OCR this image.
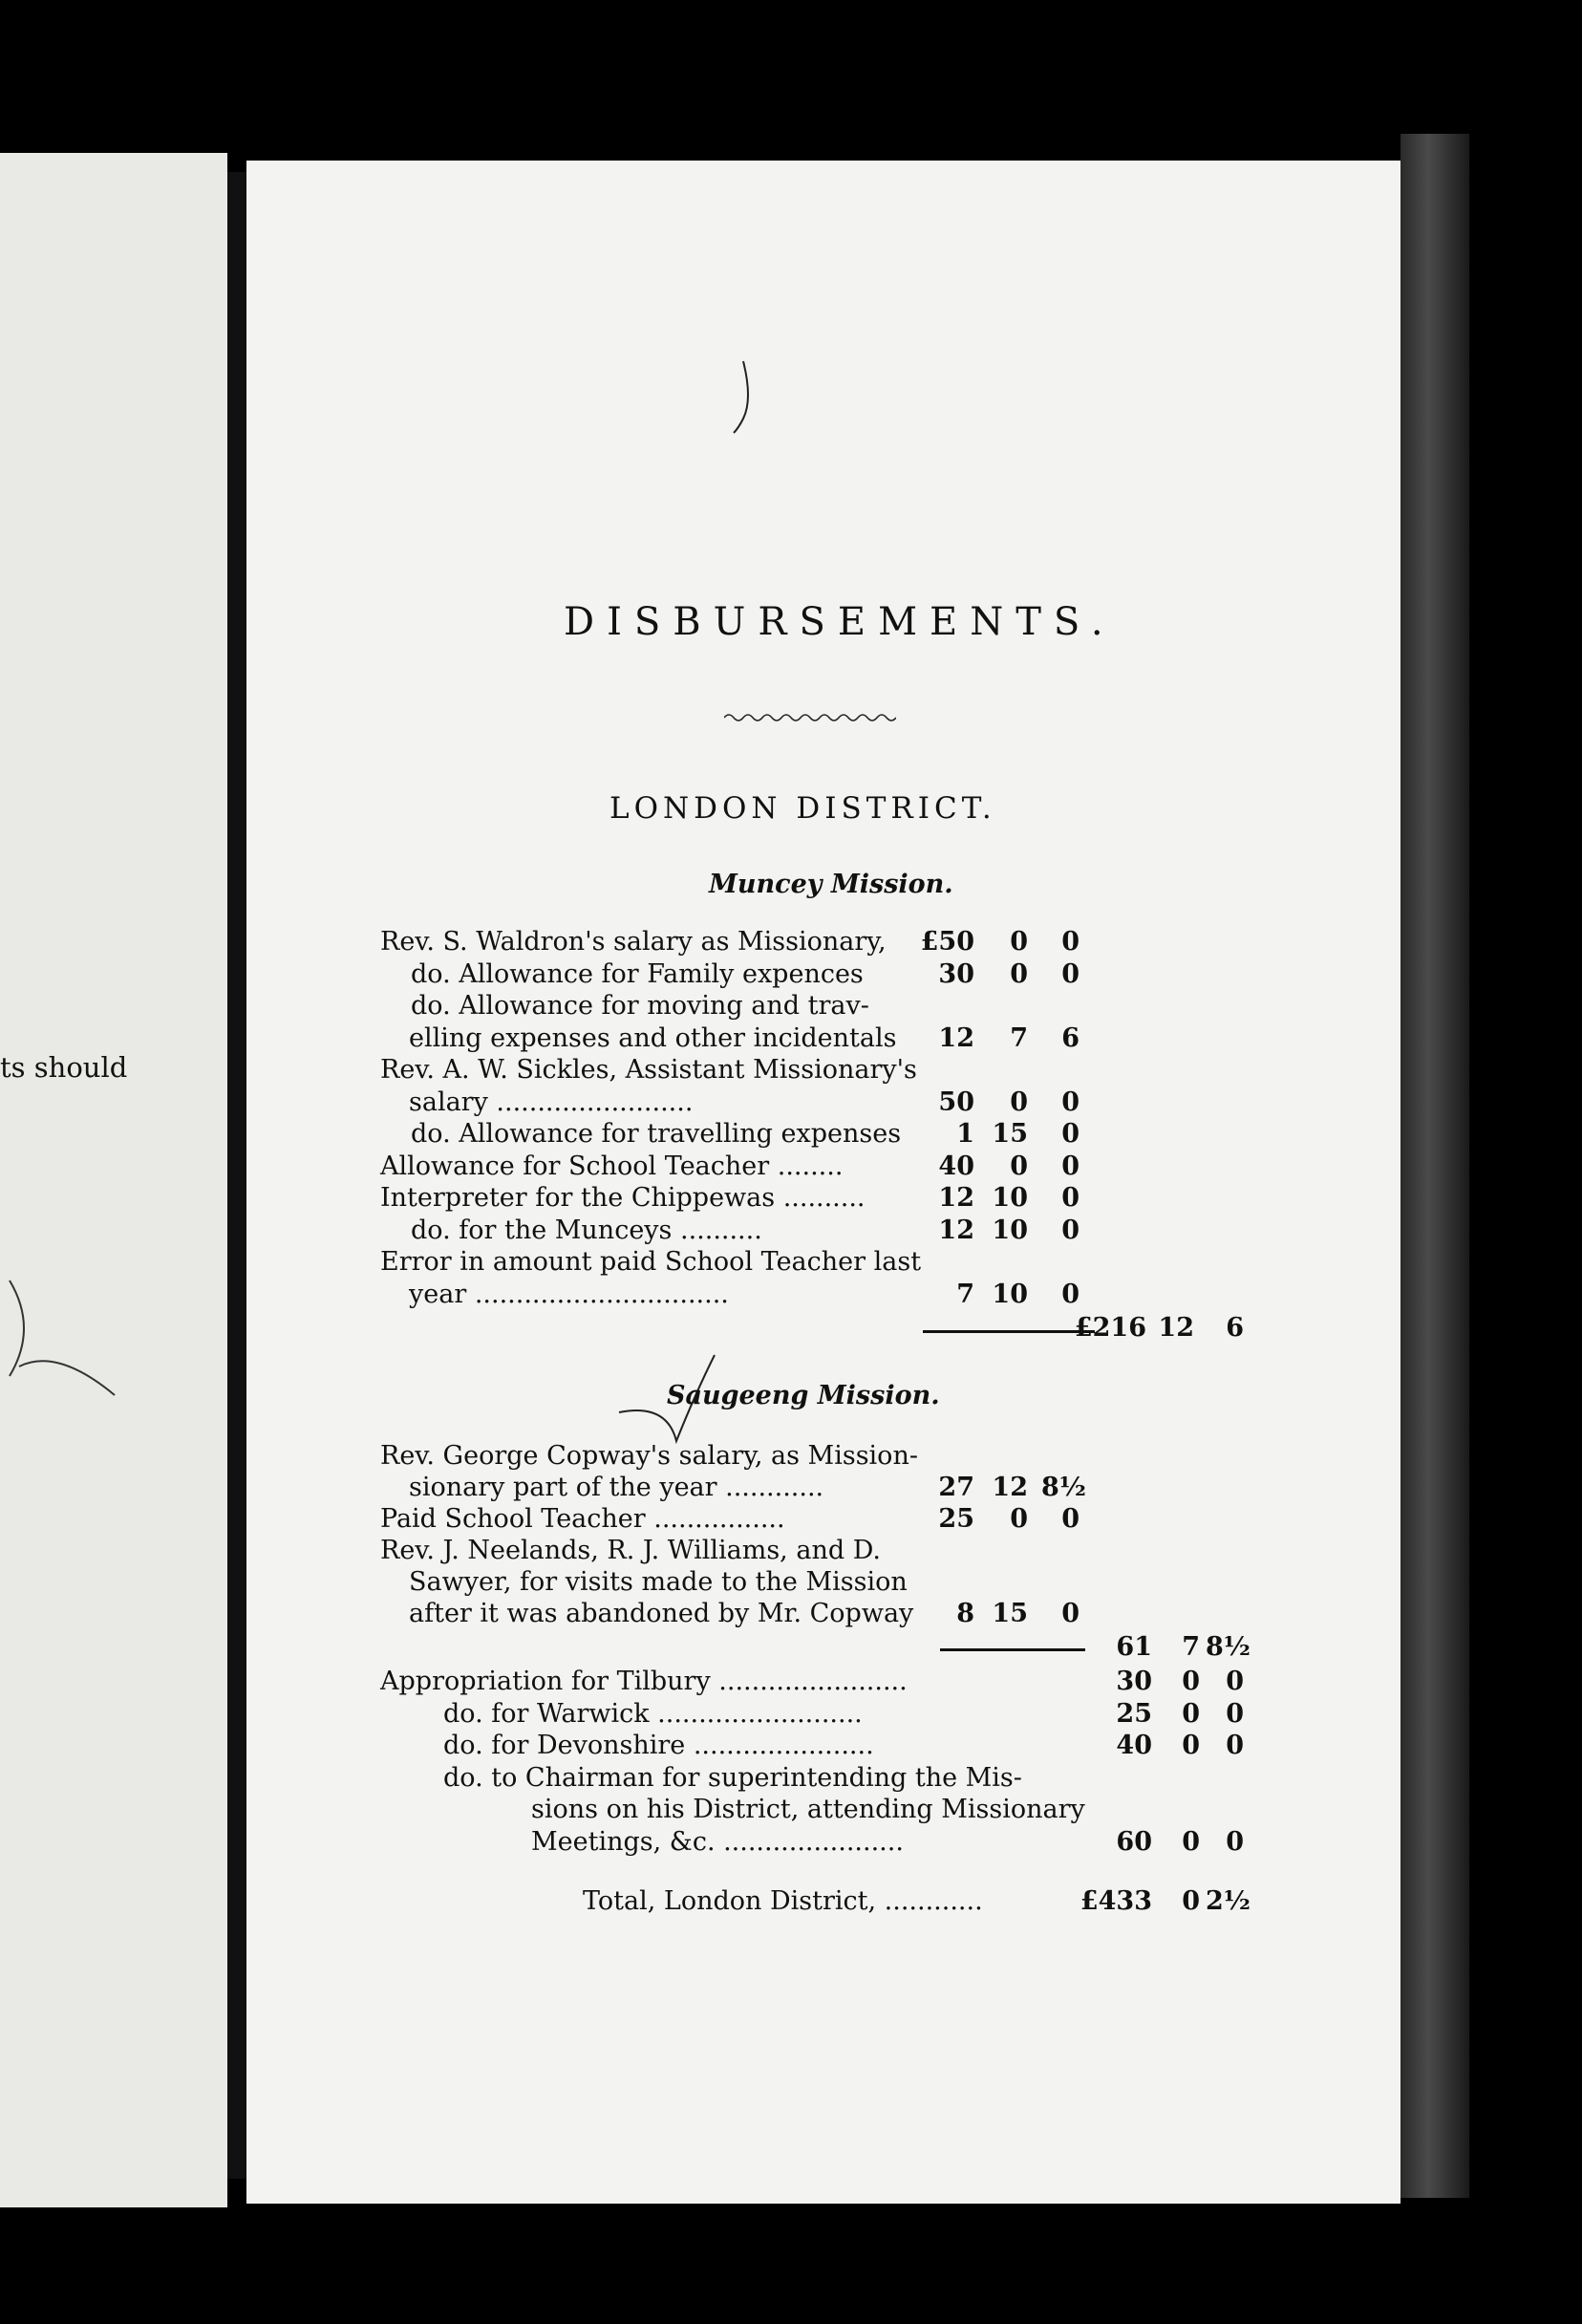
ts should
DISBURSEMENTS.
LONDON DISTRICT.
Muncey Mission.
Rev. S. Waldron's salary as Missionary, £50	0	0
do. Allowance for Family expences	30	0	0
do. Allowance for moving and trav-
elling expenses and other incidentals	12	7	6
Rev. A. W. Sickles, Assistant Missionary's
salary ........................	50	0	0
do. Allowance for travelling expenses	1 15	0
Allowance for School Teacher ........	40	0	0
Interpreter for the Chippewas ..........	12 10	0
do. for the Munceys ..........	12 10	0
Error in amount paid School Teacher last
year ...............................	7 10	0
£216 12	6
Saugeeng Mission.
Rev. George Copway's salary, as Mission-
sionary part of the year ............	27 12 8½
Paid School Teacher ................	25	0	0
Rev. J. Neelands, R. J. Williams, and D.
Sawyer, for visits made to the Mission
after it was abandoned by Mr. Copway	8 15	0
61	7 8½
Appropriation for Tilbury .......................	30	0	0
do. for Warwick .........................	25	0	0
do. for Devonshire ......................	40	0	0
do. to Chairman for superintending the Mis-
sions on his District, attending Missionary
Meetings, &c. ......................	60	0	0
Total, London District, ............	£433	0 2½
